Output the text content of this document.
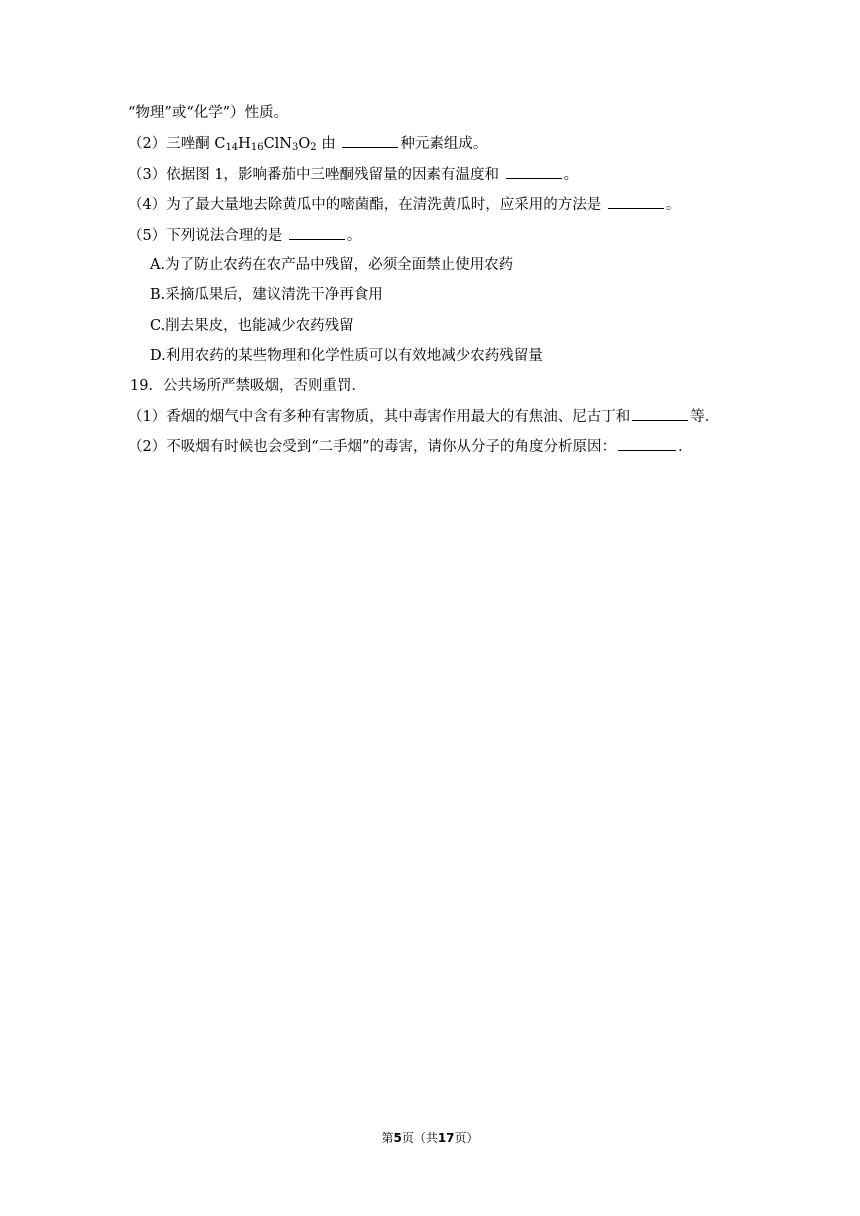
“物理”或“化学”）性质。
（2）三唑酮 $C_{14}H_{16}ClN_3O_2$ 由	种元素组成。
（3）依据图 1，影响番茄中三唑酮残留量的因素有温度和	。
（4）为了最大量地去除黄瓜中的嘧菌酯，在清洗黄瓜时，应采用的方法是	。
（5）下列说法合理的是	。
A.为了防止农药在农产品中残留，必须全面禁止使用农药
B.采摘瓜果后，建议清洗干净再食用
C.削去果皮，也能减少农药残留
D.利用农药的某些物理和化学性质可以有效地减少农药残留量
19．公共场所严禁吸烟，否则重罚．
（1）香烟的烟气中含有多种有害物质，其中毒害作用最大的有焦油、尼古丁和	等．
（2）不吸烟有时候也会受到“二手烟”的毒害，请你从分子的角度分析原因：	．
第5页（共17页）
